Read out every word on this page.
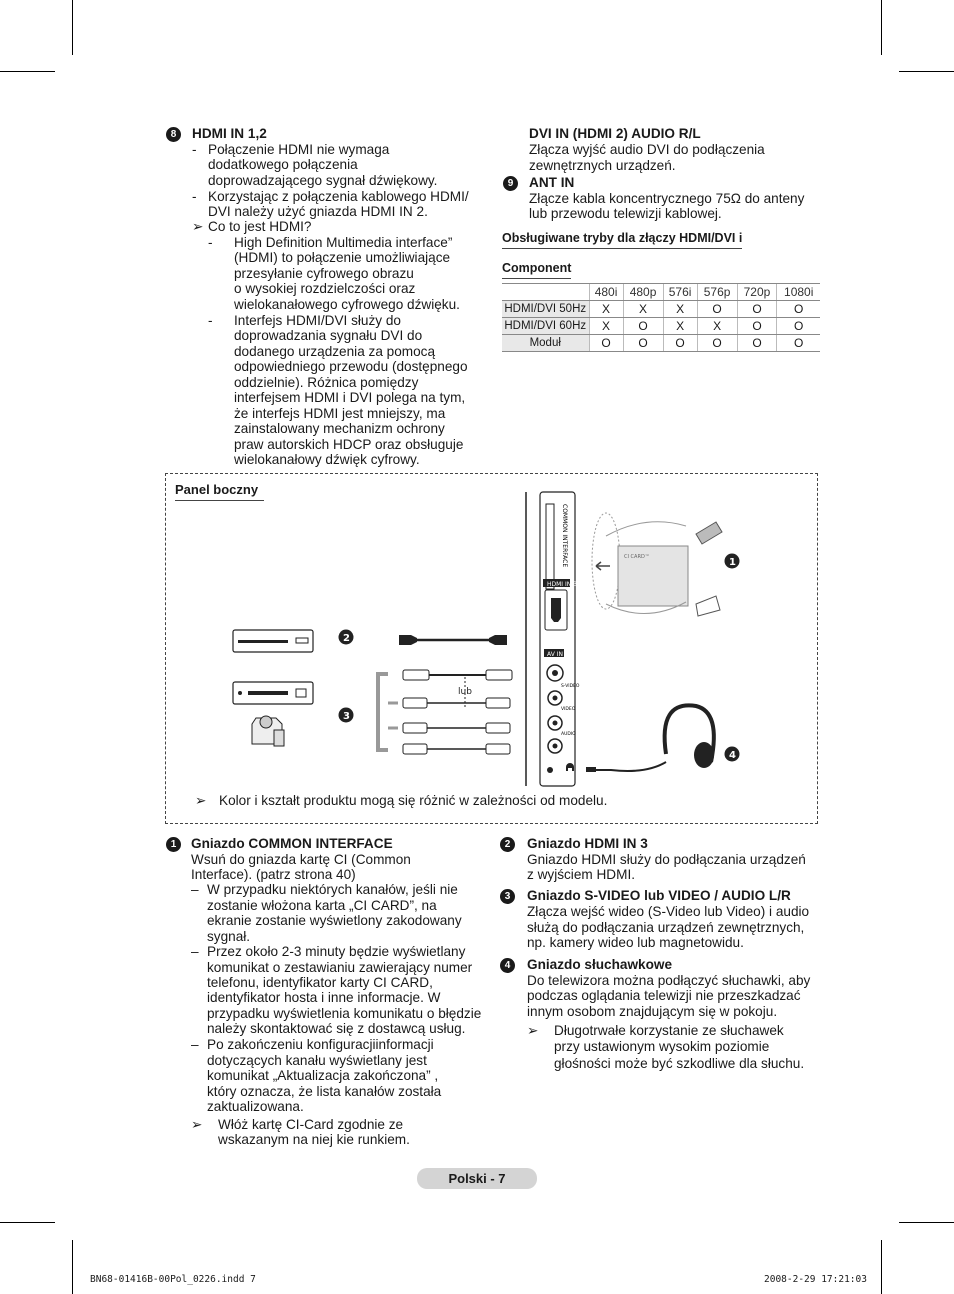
8	HDMI IN 1,2
- Połączenie HDMI nie wymaga
dodatkowego połączenia
doprowadzającego sygnał dźwiękowy.
- Korzystając z połączenia kablowego HDMI/
DVI należy użyć gniazda HDMI IN 2.
➢ Co to jest HDMI?
- High Definition Multimedia interface”
(HDMI) to połączenie umożliwiające
przesyłanie cyfrowego obrazu
o wysokiej rozdzielczości oraz
wielokanałowego cyfrowego dźwięku.
- Interfejs HDMI/DVI służy do
doprowadzania sygnału DVI do
dodanego urządzenia za pomocą
odpowiedniego przewodu (dostępnego
oddzielnie). Różnica pomiędzy
interfejsem HDMI i DVI polega na tym,
że interfejs HDMI jest mniejszy, ma
zainstalowany mechanizm ochrony
praw autorskich HDCP oraz obsługuje
wielokanałowy dźwięk cyfrowy.
DVI IN (HDMI 2) AUDIO R/L
Złącza wyjść audio DVI do podłączenia
zewnętrznych urządzeń.
9	ANT IN
Złącze kabla koncentrycznego 75Ω do anteny
lub przewodu telewizji kablowej.
Obsługiwane tryby dla złączy HDMI/DVI i
Component
	480i	480p	576i	576p	720p	1080i
HDMI/DVI 50Hz	X	X	X	O	O	O
HDMI/DVI 60Hz	X	O	X	X	O	O
Moduł	O	O	O	O	O	O
Panel boczny
COMMON INTERFACE
HDMI IN 3
AV IN
S-VIDEO
VIDEO
AUDIO
CI CARD™	1
2
3
4
lub
➢ Kolor i kształt produktu mogą się różnić w zależności od modelu.
1	Gniazdo COMMON INTERFACE
Wsuń do gniazda kartę CI (Common
Interface). (patrz strona 40)
– W przypadku niektórych kanałów, jeśli nie
zostanie włożona karta „CI CARD”, na
ekranie zostanie wyświetlony zakodowany
sygnał.
– Przez około 2-3 minuty będzie wyświetlany
komunikat o zestawianiu zawierający numer
telefonu, identyfikator karty CI CARD,
identyfikator hosta i inne informacje. W
przypadku wyświetlenia komunikatu o błędzie
należy skontaktować się z dostawcą usług.
– Po zakończeniu konfiguracjiinformacji
dotyczących kanału wyświetlany jest
komunikat „Aktualizacja zakończona” ,
który oznacza, że lista kanałów została
zaktualizowana.
➢ Włóż kartę CI-Card zgodnie ze
wskazanym na niej kie runkiem.
2	Gniazdo HDMI IN 3
Gniazdo HDMI służy do podłączania urządzeń
z wyjściem HDMI.
3	Gniazdo S-VIDEO lub VIDEO / AUDIO L/R
Złącza wejść wideo (S-Video lub Video) i audio
służą do podłączania urządzeń zewnętrznych,
np. kamery wideo lub magnetowidu.
4	Gniazdo słuchawkowe
Do telewizora można podłączyć słuchawki, aby
podczas oglądania telewizji nie przeszkadzać
innym osobom znajdującym się w pokoju.
➢ Długotrwałe korzystanie ze słuchawek
przy ustawionym wysokim poziomie
głośności może być szkodliwe dla słuchu.
Polski - 7
BN68-01416B-00Pol_0226.indd 7	2008-2-29 17:21:03
